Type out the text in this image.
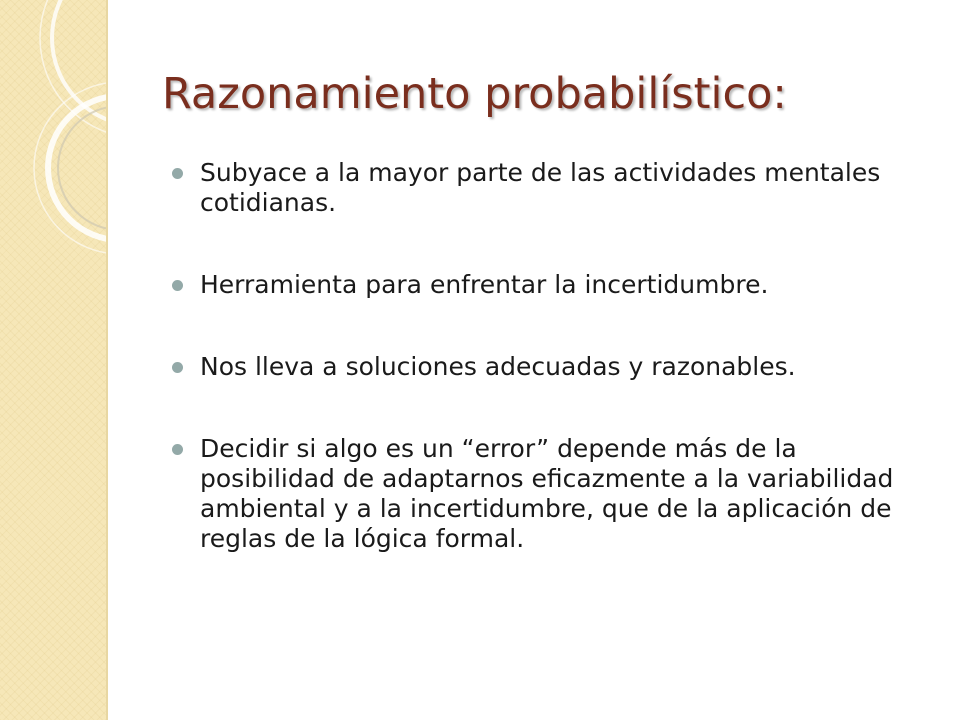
Razonamiento probabilístico:
Subyace a la mayor parte de las actividades mentales cotidianas.
Herramienta para enfrentar la incertidumbre.
Nos lleva a soluciones adecuadas y razonables.
Decidir si algo es un “error” depende más de la posibilidad de adaptarnos eficazmente a la variabilidad ambiental y a la incertidumbre, que de la aplicación de reglas de la lógica formal.
